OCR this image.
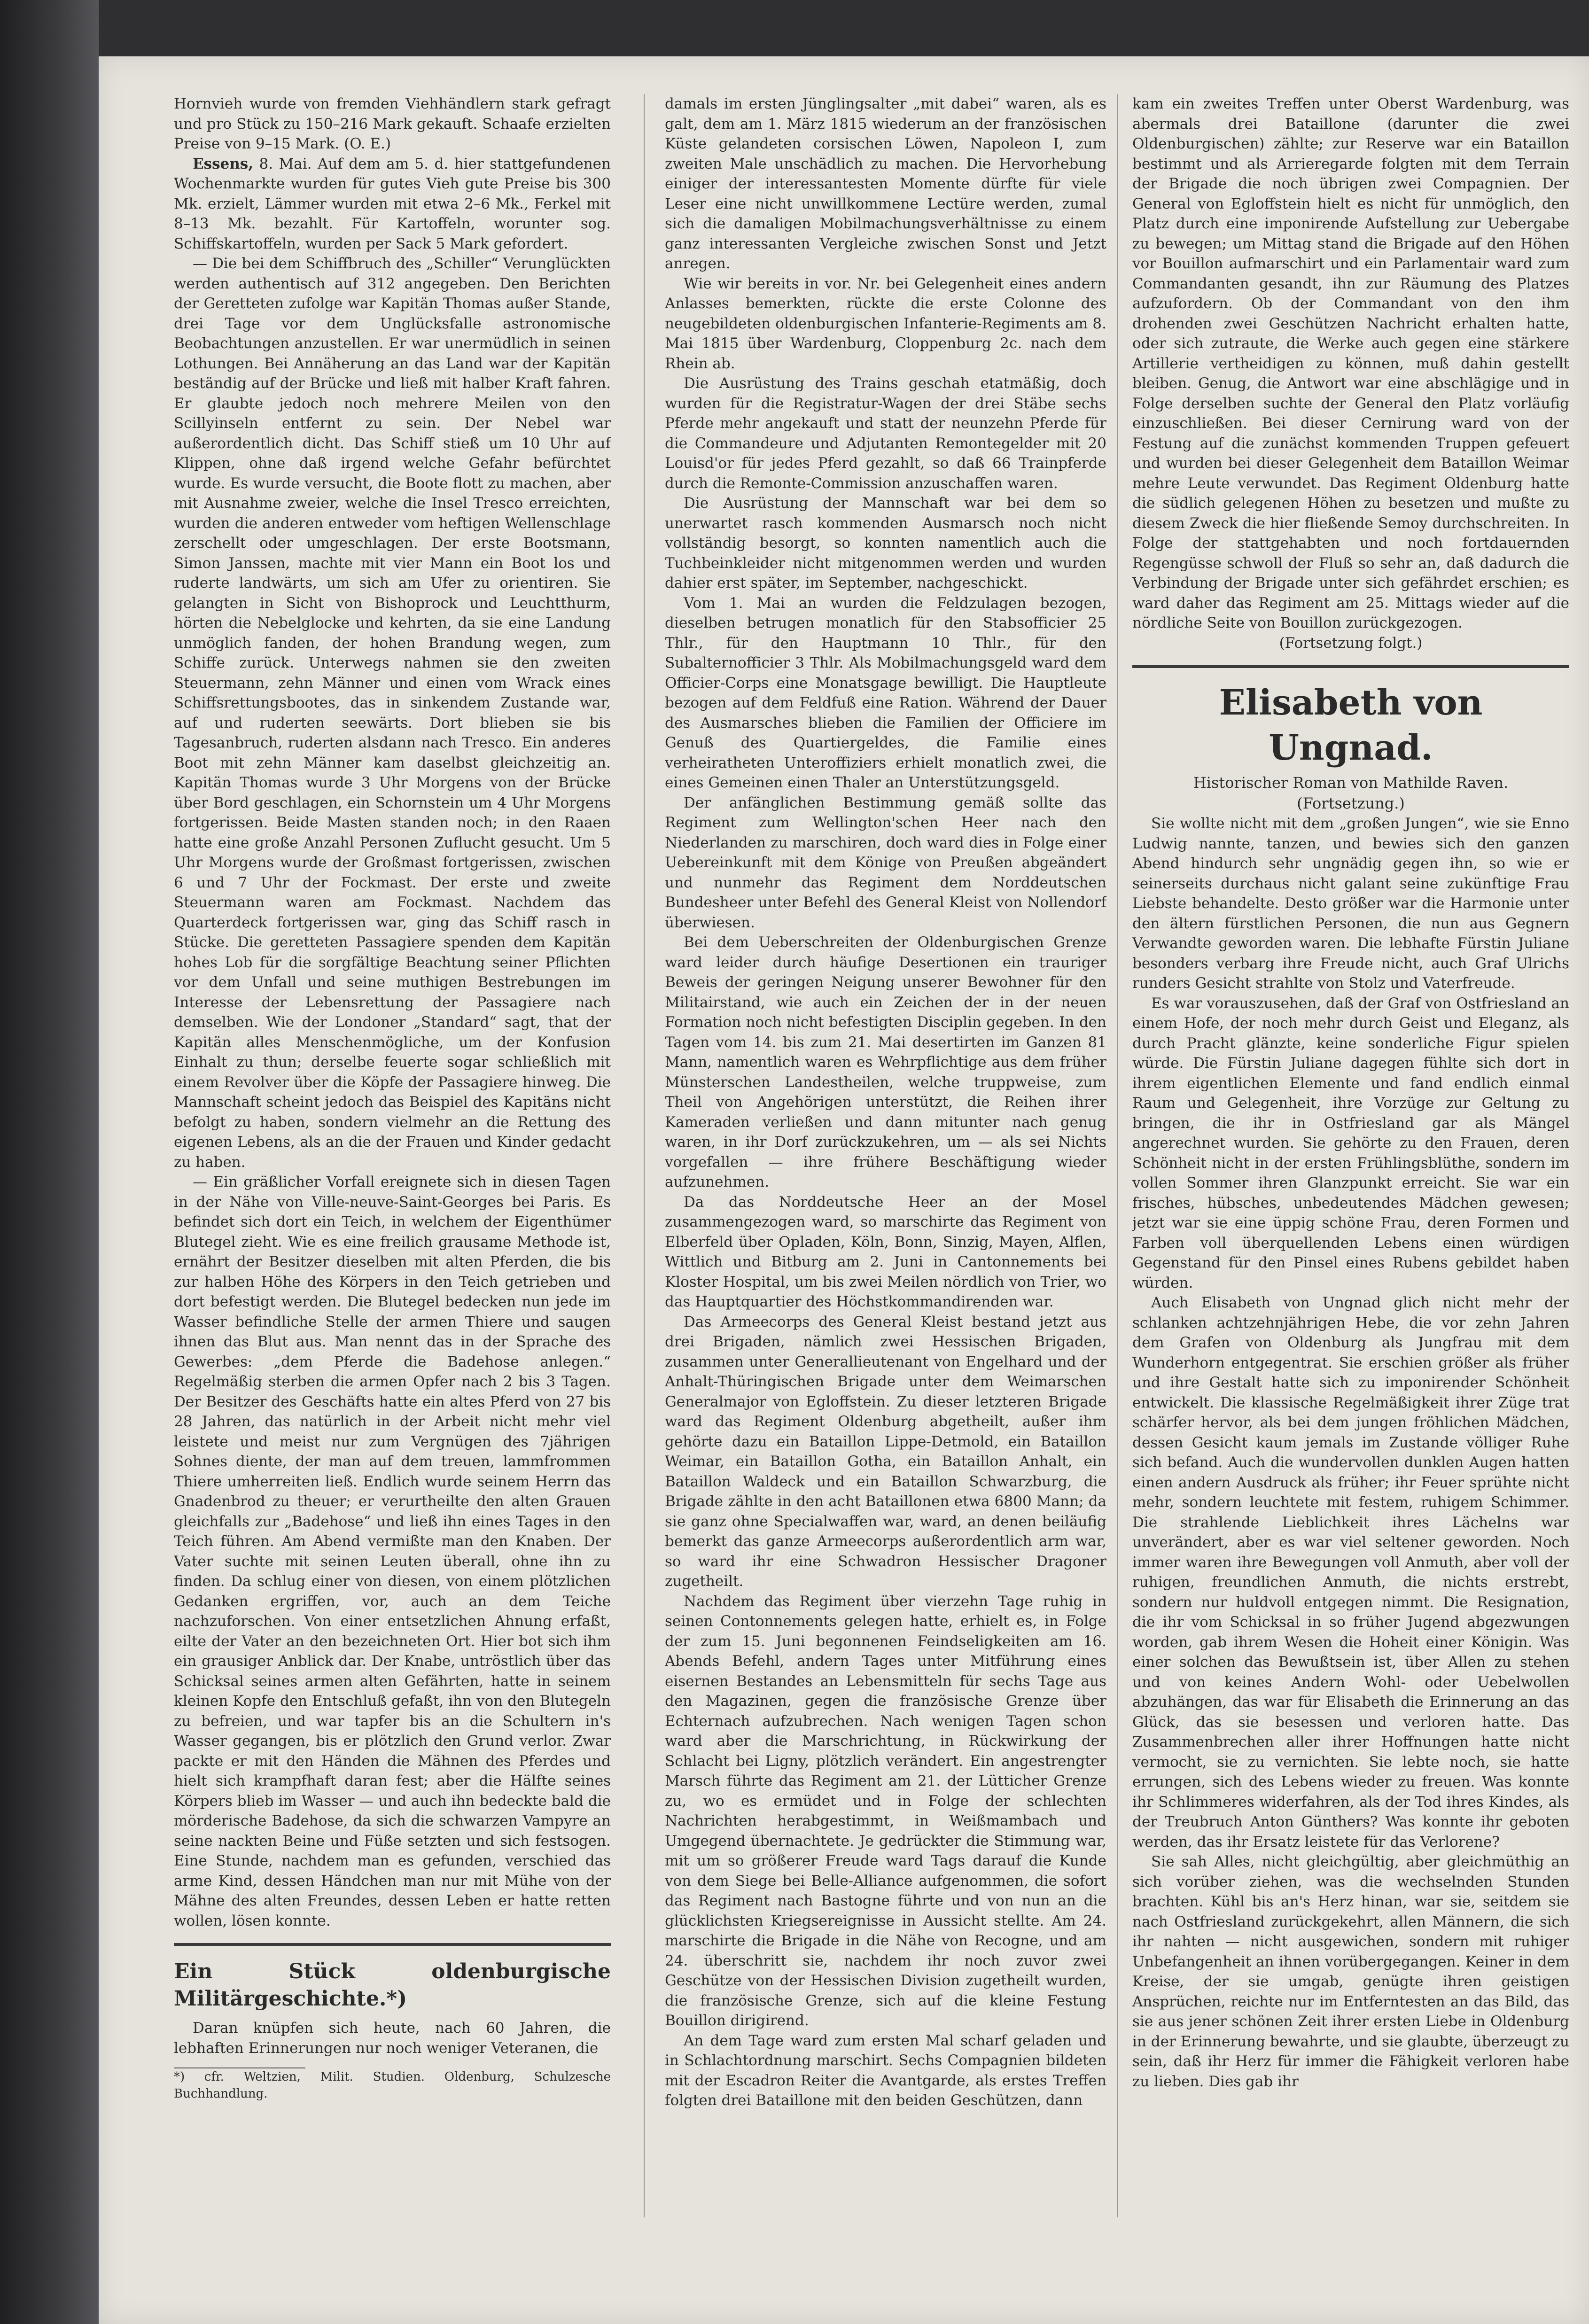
Hornvieh wurde von fremden Viehhändlern stark gefragt und pro Stück zu 150–216 Mark gekauft. Schaafe erzielten Preise von 9–15 Mark. (O. E.)

Essens, 8. Mai. Auf dem am 5. d. hier stattgefundenen Wochenmarkte wurden für gutes Vieh gute Preise bis 300 Mk. erzielt, Lämmer wurden mit etwa 2–6 Mk., Ferkel mit 8–13 Mk. bezahlt. Für Kartoffeln, worunter sog. Schiffskartoffeln, wurden per Sack 5 Mark gefordert.

— Die bei dem Schiffbruch des „Schiller“ Verunglückten werden authentisch auf 312 angegeben. Den Berichten der Geretteten zufolge war Kapitän Thomas außer Stande, drei Tage vor dem Unglücksfalle astronomische Beobachtungen anzustellen. Er war unermüdlich in seinen Lothungen. Bei Annäherung an das Land war der Kapitän beständig auf der Brücke und ließ mit halber Kraft fahren. Er glaubte jedoch noch mehrere Meilen von den Scillyinseln entfernt zu sein. Der Nebel war außerordentlich dicht. Das Schiff stieß um 10 Uhr auf Klippen, ohne daß irgend welche Gefahr befürchtet wurde. Es wurde versucht, die Boote flott zu machen, aber mit Ausnahme zweier, welche die Insel Tresco erreichten, wurden die anderen entweder vom heftigen Wellenschlage zerschellt oder umgeschlagen. Der erste Bootsmann, Simon Janssen, machte mit vier Mann ein Boot los und ruderte landwärts, um sich am Ufer zu orientiren. Sie gelangten in Sicht von Bishoprock und Leuchtthurm, hörten die Nebelglocke und kehrten, da sie eine Landung unmöglich fanden, der hohen Brandung wegen, zum Schiffe zurück. Unterwegs nahmen sie den zweiten Steuermann, zehn Männer und einen vom Wrack eines Schiffsrettungsbootes, das in sinkendem Zustande war, auf und ruderten seewärts. Dort blieben sie bis Tagesanbruch, ruderten alsdann nach Tresco. Ein anderes Boot mit zehn Männer kam daselbst gleichzeitig an. Kapitän Thomas wurde 3 Uhr Morgens von der Brücke über Bord geschlagen, ein Schornstein um 4 Uhr Morgens fortgerissen. Beide Masten standen noch; in den Raaen hatte eine große Anzahl Personen Zuflucht gesucht. Um 5 Uhr Morgens wurde der Großmast fortgerissen, zwischen 6 und 7 Uhr der Fockmast. Der erste und zweite Steuermann waren am Fockmast. Nachdem das Quarterdeck fortgerissen war, ging das Schiff rasch in Stücke. Die geretteten Passagiere spenden dem Kapitän hohes Lob für die sorgfältige Beachtung seiner Pflichten vor dem Unfall und seine muthigen Bestrebungen im Interesse der Lebensrettung der Passagiere nach demselben. Wie der Londoner „Standard“ sagt, that der Kapitän alles Menschenmögliche, um der Konfusion Einhalt zu thun; derselbe feuerte sogar schließlich mit einem Revolver über die Köpfe der Passagiere hinweg. Die Mannschaft scheint jedoch das Beispiel des Kapitäns nicht befolgt zu haben, sondern vielmehr an die Rettung des eigenen Lebens, als an die der Frauen und Kinder gedacht zu haben.

— Ein gräßlicher Vorfall ereignete sich in diesen Tagen in der Nähe von Ville-neuve-Saint-Georges bei Paris. Es befindet sich dort ein Teich, in welchem der Eigenthümer Blutegel zieht. Wie es eine freilich grausame Methode ist, ernährt der Besitzer dieselben mit alten Pferden, die bis zur halben Höhe des Körpers in den Teich getrieben und dort befestigt werden. Die Blutegel bedecken nun jede im Wasser befindliche Stelle der armen Thiere und saugen ihnen das Blut aus. Man nennt das in der Sprache des Gewerbes: „dem Pferde die Badehose anlegen.“ Regelmäßig sterben die armen Opfer nach 2 bis 3 Tagen. Der Besitzer des Geschäfts hatte ein altes Pferd von 27 bis 28 Jahren, das natürlich in der Arbeit nicht mehr viel leistete und meist nur zum Vergnügen des 7jährigen Sohnes diente, der man auf dem treuen, lammfrommen Thiere umherreiten ließ. Endlich wurde seinem Herrn das Gnadenbrod zu theuer; er verurtheilte den alten Grauen gleichfalls zur „Badehose“ und ließ ihn eines Tages in den Teich führen. Am Abend vermißte man den Knaben. Der Vater suchte mit seinen Leuten überall, ohne ihn zu finden. Da schlug einer von diesen, von einem plötzlichen Gedanken ergriffen, vor, auch an dem Teiche nachzuforschen. Von einer entsetzlichen Ahnung erfaßt, eilte der Vater an den bezeichneten Ort. Hier bot sich ihm ein grausiger Anblick dar. Der Knabe, untröstlich über das Schicksal seines armen alten Gefährten, hatte in seinem kleinen Kopfe den Entschluß gefaßt, ihn von den Blutegeln zu befreien, und war tapfer bis an die Schultern in's Wasser gegangen, bis er plötzlich den Grund verlor. Zwar packte er mit den Händen die Mähnen des Pferdes und hielt sich krampfhaft daran fest; aber die Hälfte seines Körpers blieb im Wasser — und auch ihn bedeckte bald die mörderische Badehose, da sich die schwarzen Vampyre an seine nackten Beine und Füße setzten und sich festsogen. Eine Stunde, nachdem man es gefunden, verschied das arme Kind, dessen Händchen man nur mit Mühe von der Mähne des alten Freundes, dessen Leben er hatte retten wollen, lösen konnte.

Ein Stück oldenburgische Militärgeschichte.*)

Daran knüpfen sich heute, nach 60 Jahren, die lebhaften Erinnerungen nur noch weniger Veteranen, die

*) cfr. Weltzien, Milit. Studien. Oldenburg, Schulzesche Buchhandlung.

damals im ersten Jünglingsalter „mit dabei“ waren, als es galt, dem am 1. März 1815 wiederum an der französischen Küste gelandeten corsischen Löwen, Napoleon I, zum zweiten Male unschädlich zu machen. Die Hervorhebung einiger der interessantesten Momente dürfte für viele Leser eine nicht unwillkommene Lectüre werden, zumal sich die damaligen Mobilmachungsverhältnisse zu einem ganz interessanten Vergleiche zwischen Sonst und Jetzt anregen.

Wie wir bereits in vor. Nr. bei Gelegenheit eines andern Anlasses bemerkten, rückte die erste Colonne des neugebildeten oldenburgischen Infanterie-Regiments am 8. Mai 1815 über Wardenburg, Cloppenburg 2c. nach dem Rhein ab.

Die Ausrüstung des Trains geschah etatmäßig, doch wurden für die Registratur-Wagen der drei Stäbe sechs Pferde mehr angekauft und statt der neunzehn Pferde für die Commandeure und Adjutanten Remontegelder mit 20 Louisd'or für jedes Pferd gezahlt, so daß 66 Trainpferde durch die Remonte-Commission anzuschaffen waren.

Die Ausrüstung der Mannschaft war bei dem so unerwartet rasch kommenden Ausmarsch noch nicht vollständig besorgt, so konnten namentlich auch die Tuchbeinkleider nicht mitgenommen werden und wurden dahier erst später, im September, nachgeschickt.

Vom 1. Mai an wurden die Feldzulagen bezogen, dieselben betrugen monatlich für den Stabsofficier 25 Thlr., für den Hauptmann 10 Thlr., für den Subalternofficier 3 Thlr. Als Mobilmachungsgeld ward dem Officier-Corps eine Monatsgage bewilligt. Die Hauptleute bezogen auf dem Feldfuß eine Ration. Während der Dauer des Ausmarsches blieben die Familien der Officiere im Genuß des Quartiergeldes, die Familie eines verheiratheten Unteroffiziers erhielt monatlich zwei, die eines Gemeinen einen Thaler an Unterstützungsgeld.

Der anfänglichen Bestimmung gemäß sollte das Regiment zum Wellington'schen Heer nach den Niederlanden zu marschiren, doch ward dies in Folge einer Uebereinkunft mit dem Könige von Preußen abgeändert und nunmehr das Regiment dem Norddeutschen Bundesheer unter Befehl des General Kleist von Nollendorf überwiesen.

Bei dem Ueberschreiten der Oldenburgischen Grenze ward leider durch häufige Desertionen ein trauriger Beweis der geringen Neigung unserer Bewohner für den Militairstand, wie auch ein Zeichen der in der neuen Formation noch nicht befestigten Disciplin gegeben. In den Tagen vom 14. bis zum 21. Mai desertirten im Ganzen 81 Mann, namentlich waren es Wehrpflichtige aus dem früher Münsterschen Landestheilen, welche truppweise, zum Theil von Angehörigen unterstützt, die Reihen ihrer Kameraden verließen und dann mitunter nach genug waren, in ihr Dorf zurückzukehren, um — als sei Nichts vorgefallen — ihre frühere Beschäftigung wieder aufzunehmen.

Da das Norddeutsche Heer an der Mosel zusammengezogen ward, so marschirte das Regiment von Elberfeld über Opladen, Köln, Bonn, Sinzig, Mayen, Alflen, Wittlich und Bitburg am 2. Juni in Cantonnements bei Kloster Hospital, um bis zwei Meilen nördlich von Trier, wo das Hauptquartier des Höchstkommandirenden war.

Das Armeecorps des General Kleist bestand jetzt aus drei Brigaden, nämlich zwei Hessischen Brigaden, zusammen unter Generallieutenant von Engelhard und der Anhalt-Thüringischen Brigade unter dem Weimarschen Generalmajor von Egloffstein. Zu dieser letzteren Brigade ward das Regiment Oldenburg abgetheilt, außer ihm gehörte dazu ein Bataillon Lippe-Detmold, ein Bataillon Weimar, ein Bataillon Gotha, ein Bataillon Anhalt, ein Bataillon Waldeck und ein Bataillon Schwarzburg, die Brigade zählte in den acht Bataillonen etwa 6800 Mann; da sie ganz ohne Specialwaffen war, ward, an denen beiläufig bemerkt das ganze Armeecorps außerordentlich arm war, so ward ihr eine Schwadron Hessischer Dragoner zugetheilt.

Nachdem das Regiment über vierzehn Tage ruhig in seinen Contonnements gelegen hatte, erhielt es, in Folge der zum 15. Juni begonnenen Feindseligkeiten am 16. Abends Befehl, andern Tages unter Mitführung eines eisernen Bestandes an Lebensmitteln für sechs Tage aus den Magazinen, gegen die französische Grenze über Echternach aufzubrechen. Nach wenigen Tagen schon ward aber die Marschrichtung, in Rückwirkung der Schlacht bei Ligny, plötzlich verändert. Ein angestrengter Marsch führte das Regiment am 21. der Lütticher Grenze zu, wo es ermüdet und in Folge der schlechten Nachrichten herabgestimmt, in Weißmambach und Umgegend übernachtete. Je gedrückter die Stimmung war, mit um so größerer Freude ward Tags darauf die Kunde von dem Siege bei Belle-Alliance aufgenommen, die sofort das Regiment nach Bastogne führte und von nun an die glücklichsten Kriegsereignisse in Aussicht stellte. Am 24. marschirte die Brigade in die Nähe von Recogne, und am 24. überschritt sie, nachdem ihr noch zuvor zwei Geschütze von der Hessischen Division zugetheilt wurden, die französische Grenze, sich auf die kleine Festung Bouillon dirigirend.

An dem Tage ward zum ersten Mal scharf geladen und in Schlachtordnung marschirt. Sechs Compagnien bildeten mit der Escadron Reiter die Avantgarde, als erstes Treffen folgten drei Bataillone mit den beiden Geschützen, dann

kam ein zweites Treffen unter Oberst Wardenburg, was abermals drei Bataillone (darunter die zwei Oldenburgischen) zählte; zur Reserve war ein Bataillon bestimmt und als Arrieregarde folgten mit dem Terrain der Brigade die noch übrigen zwei Compagnien. Der General von Egloffstein hielt es nicht für unmöglich, den Platz durch eine imponirende Aufstellung zur Uebergabe zu bewegen; um Mittag stand die Brigade auf den Höhen vor Bouillon aufmarschirt und ein Parlamentair ward zum Commandanten gesandt, ihn zur Räumung des Platzes aufzufordern. Ob der Commandant von den ihm drohenden zwei Geschützen Nachricht erhalten hatte, oder sich zutraute, die Werke auch gegen eine stärkere Artillerie vertheidigen zu können, muß dahin gestellt bleiben. Genug, die Antwort war eine abschlägige und in Folge derselben suchte der General den Platz vorläufig einzuschließen. Bei dieser Cernirung ward von der Festung auf die zunächst kommenden Truppen gefeuert und wurden bei dieser Gelegenheit dem Bataillon Weimar mehre Leute verwundet. Das Regiment Oldenburg hatte die südlich gelegenen Höhen zu besetzen und mußte zu diesem Zweck die hier fließende Semoy durchschreiten. In Folge der stattgehabten und noch fortdauernden Regengüsse schwoll der Fluß so sehr an, daß dadurch die Verbindung der Brigade unter sich gefährdet erschien; es ward daher das Regiment am 25. Mittags wieder auf die nördliche Seite von Bouillon zurückgezogen.

(Fortsetzung folgt.)

Elisabeth von Ungnad.
Historischer Roman von Mathilde Raven.
(Fortsetzung.)

Sie wollte nicht mit dem „großen Jungen“, wie sie Enno Ludwig nannte, tanzen, und bewies sich den ganzen Abend hindurch sehr ungnädig gegen ihn, so wie er seinerseits durchaus nicht galant seine zukünftige Frau Liebste behandelte. Desto größer war die Harmonie unter den ältern fürstlichen Personen, die nun aus Gegnern Verwandte geworden waren. Die lebhafte Fürstin Juliane besonders verbarg ihre Freude nicht, auch Graf Ulrichs runders Gesicht strahlte von Stolz und Vaterfreude.

Es war vorauszusehen, daß der Graf von Ostfriesland an einem Hofe, der noch mehr durch Geist und Eleganz, als durch Pracht glänzte, keine sonderliche Figur spielen würde. Die Fürstin Juliane dagegen fühlte sich dort in ihrem eigentlichen Elemente und fand endlich einmal Raum und Gelegenheit, ihre Vorzüge zur Geltung zu bringen, die ihr in Ostfriesland gar als Mängel angerechnet wurden. Sie gehörte zu den Frauen, deren Schönheit nicht in der ersten Frühlingsblüthe, sondern im vollen Sommer ihren Glanzpunkt erreicht. Sie war ein frisches, hübsches, unbedeutendes Mädchen gewesen; jetzt war sie eine üppig schöne Frau, deren Formen und Farben voll überquellenden Lebens einen würdigen Gegenstand für den Pinsel eines Rubens gebildet haben würden.

Auch Elisabeth von Ungnad glich nicht mehr der schlanken achtzehnjährigen Hebe, die vor zehn Jahren dem Grafen von Oldenburg als Jungfrau mit dem Wunderhorn entgegentrat. Sie erschien größer als früher und ihre Gestalt hatte sich zu imponirender Schönheit entwickelt. Die klassische Regelmäßigkeit ihrer Züge trat schärfer hervor, als bei dem jungen fröhlichen Mädchen, dessen Gesicht kaum jemals im Zustande völliger Ruhe sich befand. Auch die wundervollen dunklen Augen hatten einen andern Ausdruck als früher; ihr Feuer sprühte nicht mehr, sondern leuchtete mit festem, ruhigem Schimmer. Die strahlende Lieblichkeit ihres Lächelns war unverändert, aber es war viel seltener geworden. Noch immer waren ihre Bewegungen voll Anmuth, aber voll der ruhigen, freundlichen Anmuth, die nichts erstrebt, sondern nur huldvoll entgegen nimmt. Die Resignation, die ihr vom Schicksal in so früher Jugend abgezwungen worden, gab ihrem Wesen die Hoheit einer Königin. Was einer solchen das Bewußtsein ist, über Allen zu stehen und von keines Andern Wohl- oder Uebelwollen abzuhängen, das war für Elisabeth die Erinnerung an das Glück, das sie besessen und verloren hatte. Das Zusammenbrechen aller ihrer Hoffnungen hatte nicht vermocht, sie zu vernichten. Sie lebte noch, sie hatte errungen, sich des Lebens wieder zu freuen. Was konnte ihr Schlimmeres widerfahren, als der Tod ihres Kindes, als der Treubruch Anton Günthers? Was konnte ihr geboten werden, das ihr Ersatz leistete für das Verlorene?

Sie sah Alles, nicht gleichgültig, aber gleichmüthig an sich vorüber ziehen, was die wechselnden Stunden brachten. Kühl bis an's Herz hinan, war sie, seitdem sie nach Ostfriesland zurückgekehrt, allen Männern, die sich ihr nahten — nicht ausgewichen, sondern mit ruhiger Unbefangenheit an ihnen vorübergegangen. Keiner in dem Kreise, der sie umgab, genügte ihren geistigen Ansprüchen, reichte nur im Entferntesten an das Bild, das sie aus jener schönen Zeit ihrer ersten Liebe in Oldenburg in der Erinnerung bewahrte, und sie glaubte, überzeugt zu sein, daß ihr Herz für immer die Fähigkeit verloren habe zu lieben. Dies gab ihr
